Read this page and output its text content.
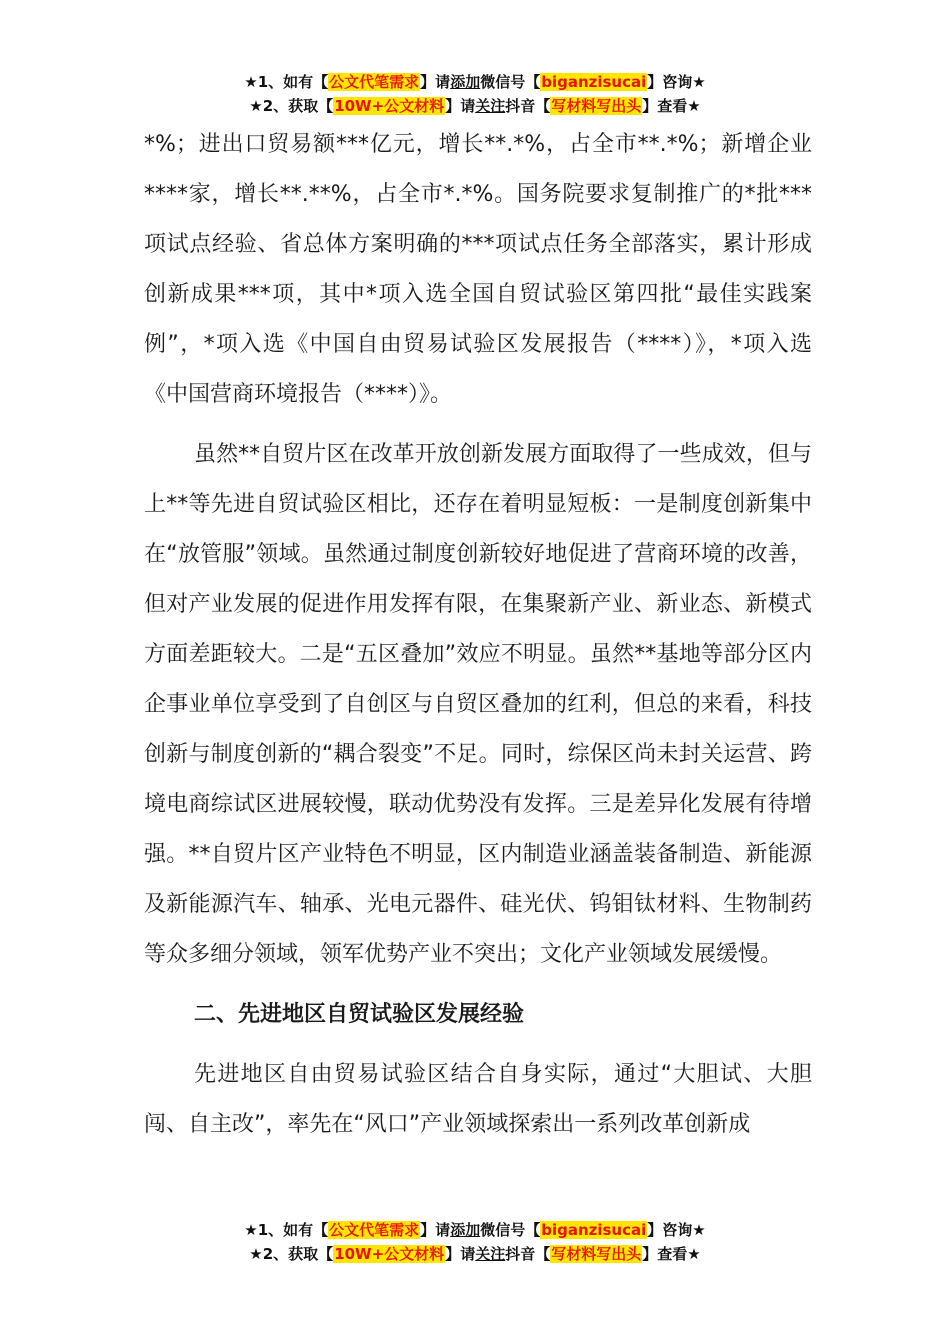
★1、如有【公文代笔需求】请添加微信号【biganzisucai】咨询★
★2、获取【10W+公文材料】请关注抖音【写材料写出头】查看★

*%；进出口贸易额***亿元，增长**.*%，占全市**.*%；新增企业****家，增长**.**%，占全市*.*%。国务院要求复制推广的*批***项试点经验、省总体方案明确的***项试点任务全部落实，累计形成创新成果***项，其中*项入选全国自贸试验区第四批“最佳实践案例”，*项入选《中国自由贸易试验区发展报告（****）》，*项入选《中国营商环境报告（****）》。

虽然**自贸片区在改革开放创新发展方面取得了一些成效，但与上**等先进自贸试验区相比，还存在着明显短板：一是制度创新集中在“放管服”领域。虽然通过制度创新较好地促进了营商环境的改善，但对产业发展的促进作用发挥有限，在集聚新产业、新业态、新模式方面差距较大。二是“五区叠加”效应不明显。虽然**基地等部分区内企事业单位享受到了自创区与自贸区叠加的红利，但总的来看，科技创新与制度创新的“耦合裂变”不足。同时，综保区尚未封关运营、跨境电商综试区进展较慢，联动优势没有发挥。三是差异化发展有待增强。**自贸片区产业特色不明显，区内制造业涵盖装备制造、新能源及新能源汽车、轴承、光电元器件、硅光伏、钨钼钛材料、生物制药等众多细分领域，领军优势产业不突出；文化产业领域发展缓慢。

二、先进地区自贸试验区发展经验

先进地区自由贸易试验区结合自身实际，通过“大胆试、大胆闯、自主改”，率先在“风口”产业领域探索出一系列改革创新成

★1、如有【公文代笔需求】请添加微信号【biganzisucai】咨询★
★2、获取【10W+公文材料】请关注抖音【写材料写出头】查看★
